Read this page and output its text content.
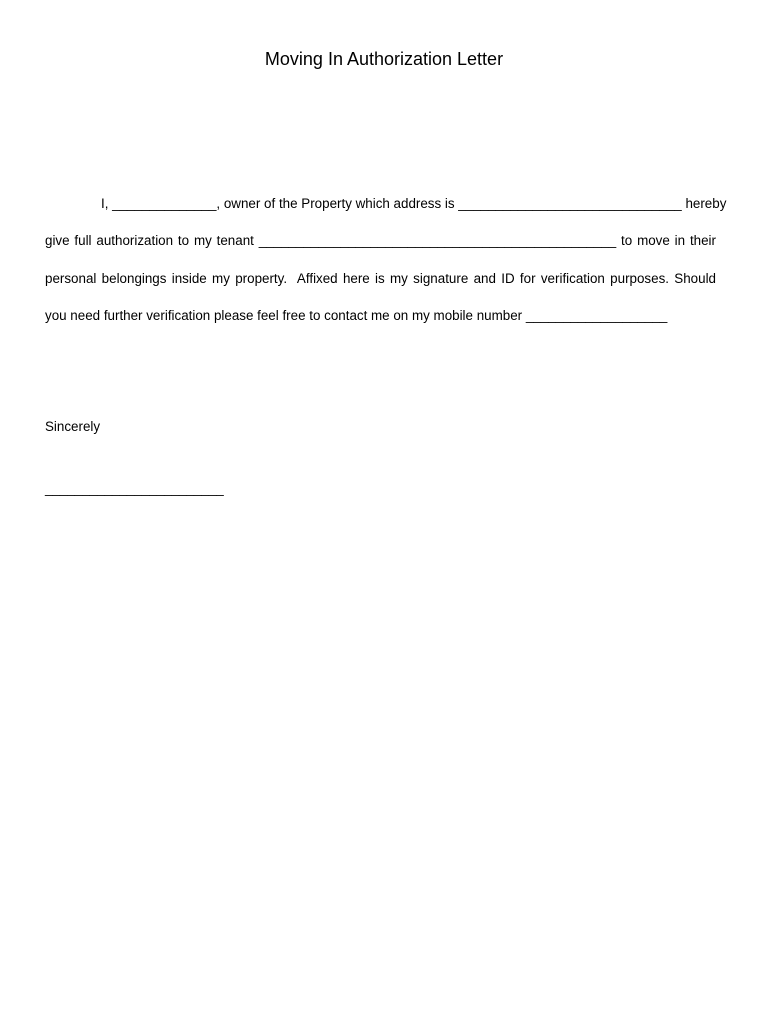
Moving In Authorization Letter
I, ______________, owner of the Property which address is ______________________________ hereby
give full authorization to my tenant ________________________________________________ to move in their
personal belongings inside my property.  Affixed here is my signature and ID for verification purposes. Should
you need further verification please feel free to contact me on my mobile number ___________________
Sincerely
________________________
